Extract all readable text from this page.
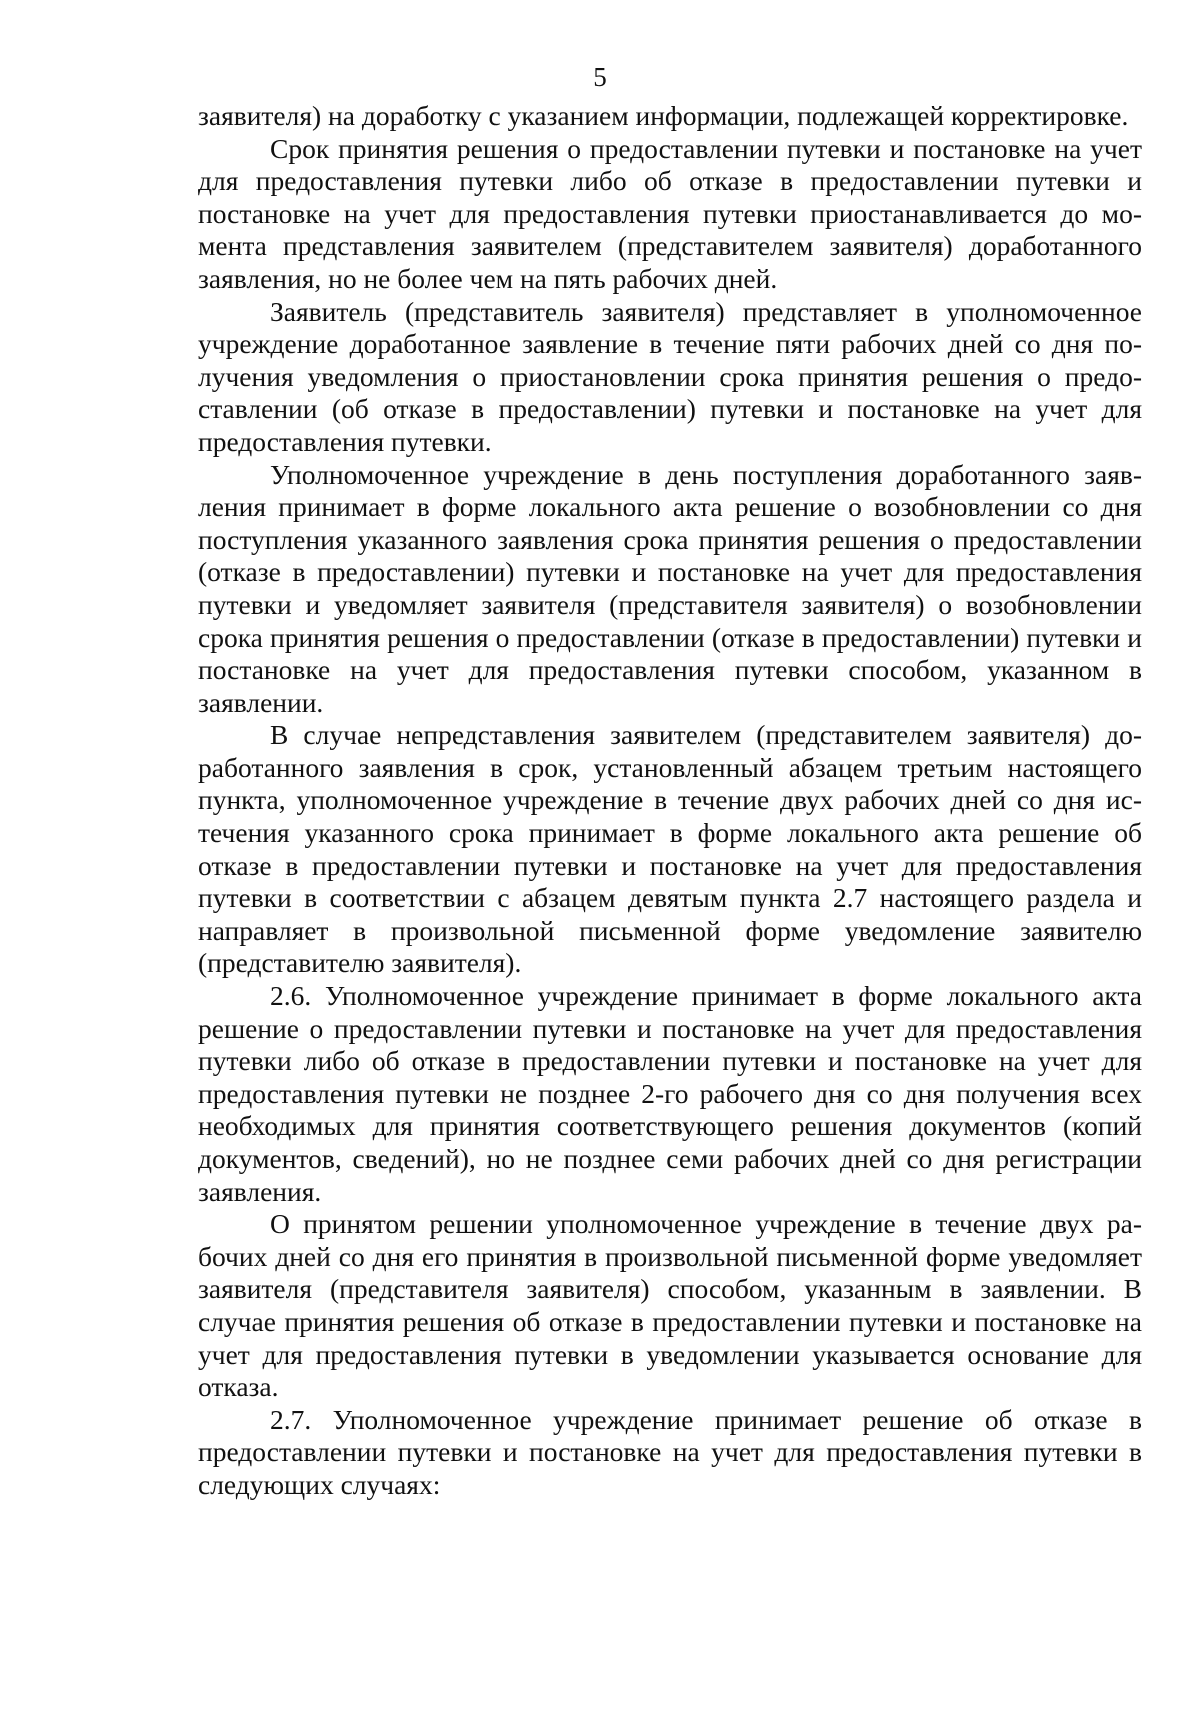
5

заявителя) на доработку с указанием информации, подлежащей корректировке.

Срок принятия решения о предоставлении путевки и постановке на учет для предоставления путевки либо об отказе в предоставлении путевки и постановке на учет для предоставления путевки приостанавливается до момента представления заявителем (представителем заявителя) доработанного заявления, но не более чем на пять рабочих дней.

Заявитель (представитель заявителя) представляет в уполномоченное учреждение доработанное заявление в течение пяти рабочих дней со дня получения уведомления о приостановлении срока принятия решения о предоставлении (об отказе в предоставлении) путевки и постановке на учет для предоставления путевки.

Уполномоченное учреждение в день поступления доработанного заявления принимает в форме локального акта решение о возобновлении со дня поступления указанного заявления срока принятия решения о предоставлении (отказе в предоставлении) путевки и постановке на учет для предоставления путевки и уведомляет заявителя (представителя заявителя) о возобновлении срока принятия решения о предоставлении (отказе в предоставлении) путевки и постановке на учет для предоставления путевки способом, указанном в заявлении.

В случае непредставления заявителем (представителем заявителя) доработанного заявления в срок, установленный абзацем третьим настоящего пункта, уполномоченное учреждение в течение двух рабочих дней со дня истечения указанного срока принимает в форме локального акта решение об отказе в предоставлении путевки и постановке на учет для предоставления путевки в соответствии с абзацем девятым пункта 2.7 настоящего раздела и направляет в произвольной письменной форме уведомление заявителю (представителю заявителя).

2.6. Уполномоченное учреждение принимает в форме локального акта решение о предоставлении путевки и постановке на учет для предоставления путевки либо об отказе в предоставлении путевки и постановке на учет для предоставления путевки не позднее 2-го рабочего дня со дня получения всех необходимых для принятия соответствующего решения документов (копий документов, сведений), но не позднее семи рабочих дней со дня регистрации заявления.

О принятом решении уполномоченное учреждение в течение двух рабочих дней со дня его принятия в произвольной письменной форме уведомляет заявителя (представителя заявителя) способом, указанным в заявлении. В случае принятия решения об отказе в предоставлении путевки и постановке на учет для предоставления путевки в уведомлении указывается основание для отказа.

2.7. Уполномоченное учреждение принимает решение об отказе в предоставлении путевки и постановке на учет для предоставления путевки в следующих случаях:
